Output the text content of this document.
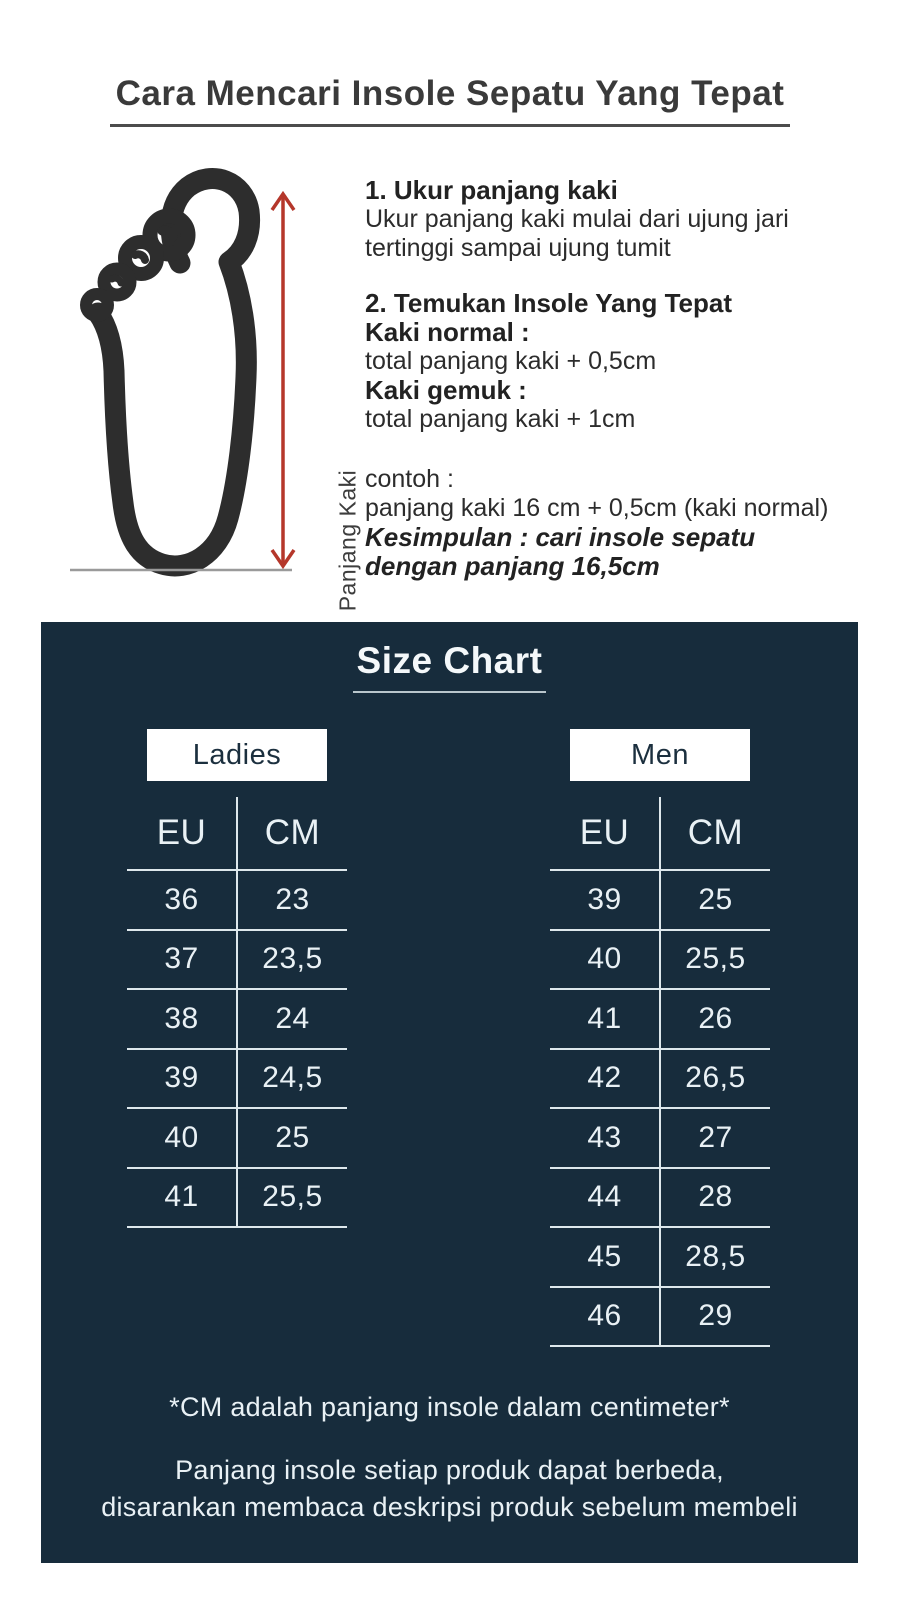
Cara Mencari Insole Sepatu Yang Tepat
Panjang Kaki
1. Ukur panjang kaki
Ukur panjang kaki mulai dari ujung jari
tertinggi sampai ujung tumit
2. Temukan Insole Yang Tepat
Kaki normal :
total panjang kaki + 0,5cm
Kaki gemuk :
total panjang kaki + 1cm
contoh :
panjang kaki 16 cm + 0,5cm (kaki normal)
Kesimpulan : cari insole sepatu
dengan panjang 16,5cm
Size Chart
Ladies
EU	CM
36	23
37	23,5
38	24
39	24,5
40	25
41	25,5
Men
EU	CM
39	25
40	25,5
41	26
42	26,5
43	27
44	28
45	28,5
46	29
*CM adalah panjang insole dalam centimeter*
Panjang insole setiap produk dapat berbeda,
disarankan membaca deskripsi produk sebelum membeli
